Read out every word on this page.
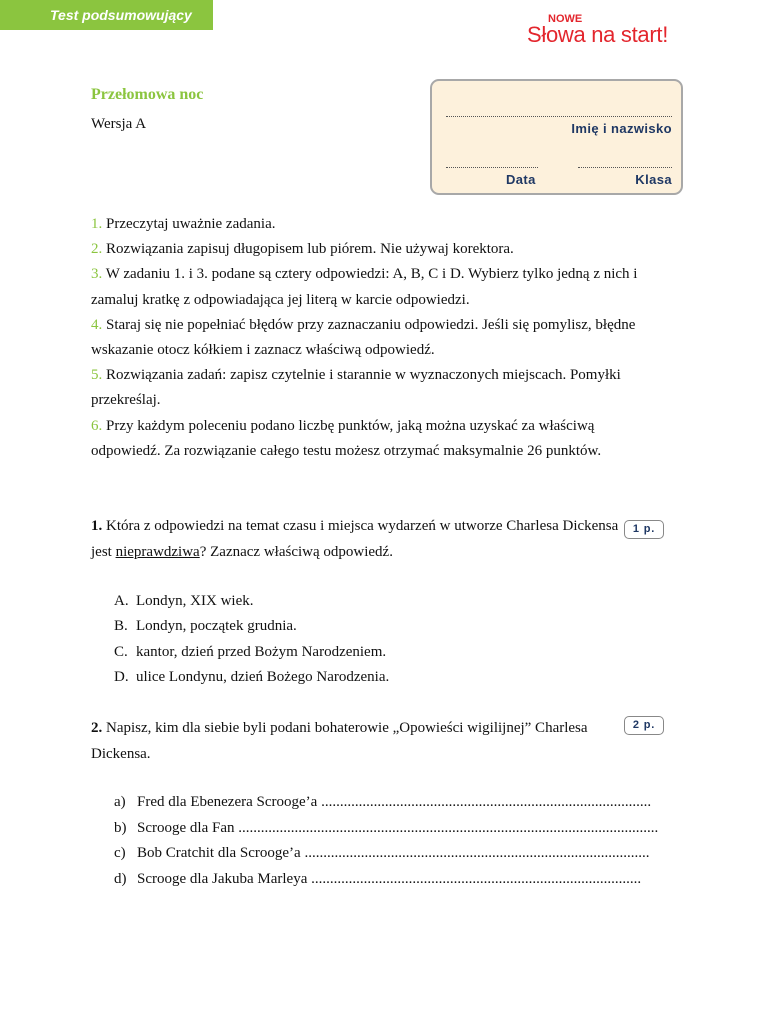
Test podsumowujący	NOWE
Słowa na start!
Przełomowa noc
Wersja A	Imię i nazwisko
Data	Klasa
1. Przeczytaj uważnie zadania.
2. Rozwiązania zapisuj długopisem lub piórem. Nie używaj korektora.
3. W zadaniu 1. i 3. podane są cztery odpowiedzi: A, B, C i D. Wybierz tylko jedną z nich i zamaluj kratkę z odpowiadająca jej literą w karcie odpowiedzi.
4. Staraj się nie popełniać błędów przy zaznaczaniu odpowiedzi. Jeśli się pomylisz, błędne wskazanie otocz kółkiem i zaznacz właściwą odpowiedź.
5. Rozwiązania zadań: zapisz czytelnie i starannie w wyznaczonych miejscach. Pomyłki przekreślaj.
6. Przy każdym poleceniu podano liczbę punktów, jaką można uzyskać za właściwą odpowiedź. Za rozwiązanie całego testu możesz otrzymać maksymalnie 26 punktów.
1. Która z odpowiedzi na temat czasu i miejsca wydarzeń w utworze Charlesa Dickensa jest nieprawdziwa? Zaznacz właściwą odpowiedź.
1 p.
A. Londyn, XIX wiek.
B. Londyn, początek grudnia.
C. kantor, dzień przed Bożym Narodzeniem.
D. ulice Londynu, dzień Bożego Narodzenia.
2. Napisz, kim dla siebie byli podani bohaterowie „Opowieści wigilijnej” Charlesa Dickensa.
2 p.
a) Fred dla Ebenezera Scrooge’a ........................................................................................
b) Scrooge dla Fan ................................................................................................................
c) Bob Cratchit dla Scrooge’a ............................................................................................
d) Scrooge dla Jakuba Marleya ........................................................................................
